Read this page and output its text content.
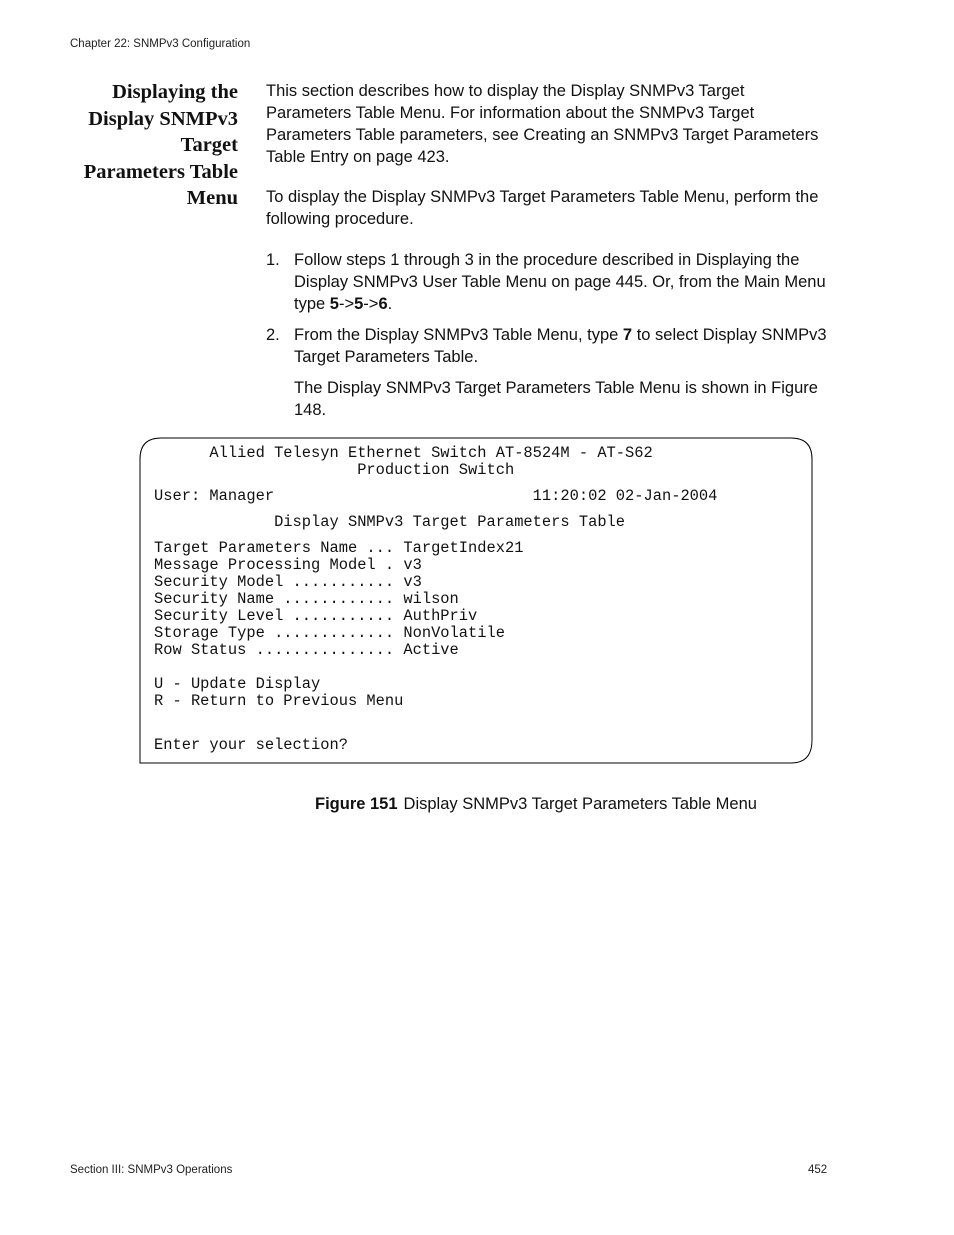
Chapter 22: SNMPv3 Configuration
Displaying the
Display SNMPv3
Target
Parameters Table
Menu

This section describes how to display the Display SNMPv3 Target Parameters Table Menu. For information about the SNMPv3 Target Parameters Table parameters, see Creating an SNMPv3 Target Parameters Table Entry on page 423.

To display the Display SNMPv3 Target Parameters Table Menu, perform the following procedure.

1. Follow steps 1 through 3 in the procedure described in Displaying the Display SNMPv3 User Table Menu on page 445. Or, from the Main Menu type 5->5->6.
2. From the Display SNMPv3 Table Menu, type 7 to select Display SNMPv3 Target Parameters Table.

The Display SNMPv3 Target Parameters Table Menu is shown in Figure 148.

Allied Telesyn Ethernet Switch AT-8524M - AT-S62
Production Switch
User: Manager                            11:20:02 02-Jan-2004
Display SNMPv3 Target Parameters Table
Target Parameters Name ... TargetIndex21
Message Processing Model . v3
Security Model ........... v3
Security Name ............ wilson
Security Level ........... AuthPriv
Storage Type ............. NonVolatile
Row Status ............... Active
U - Update Display
R - Return to Previous Menu
Enter your selection?
Figure 151 Display SNMPv3 Target Parameters Table Menu
Section III: SNMPv3 Operations	452
